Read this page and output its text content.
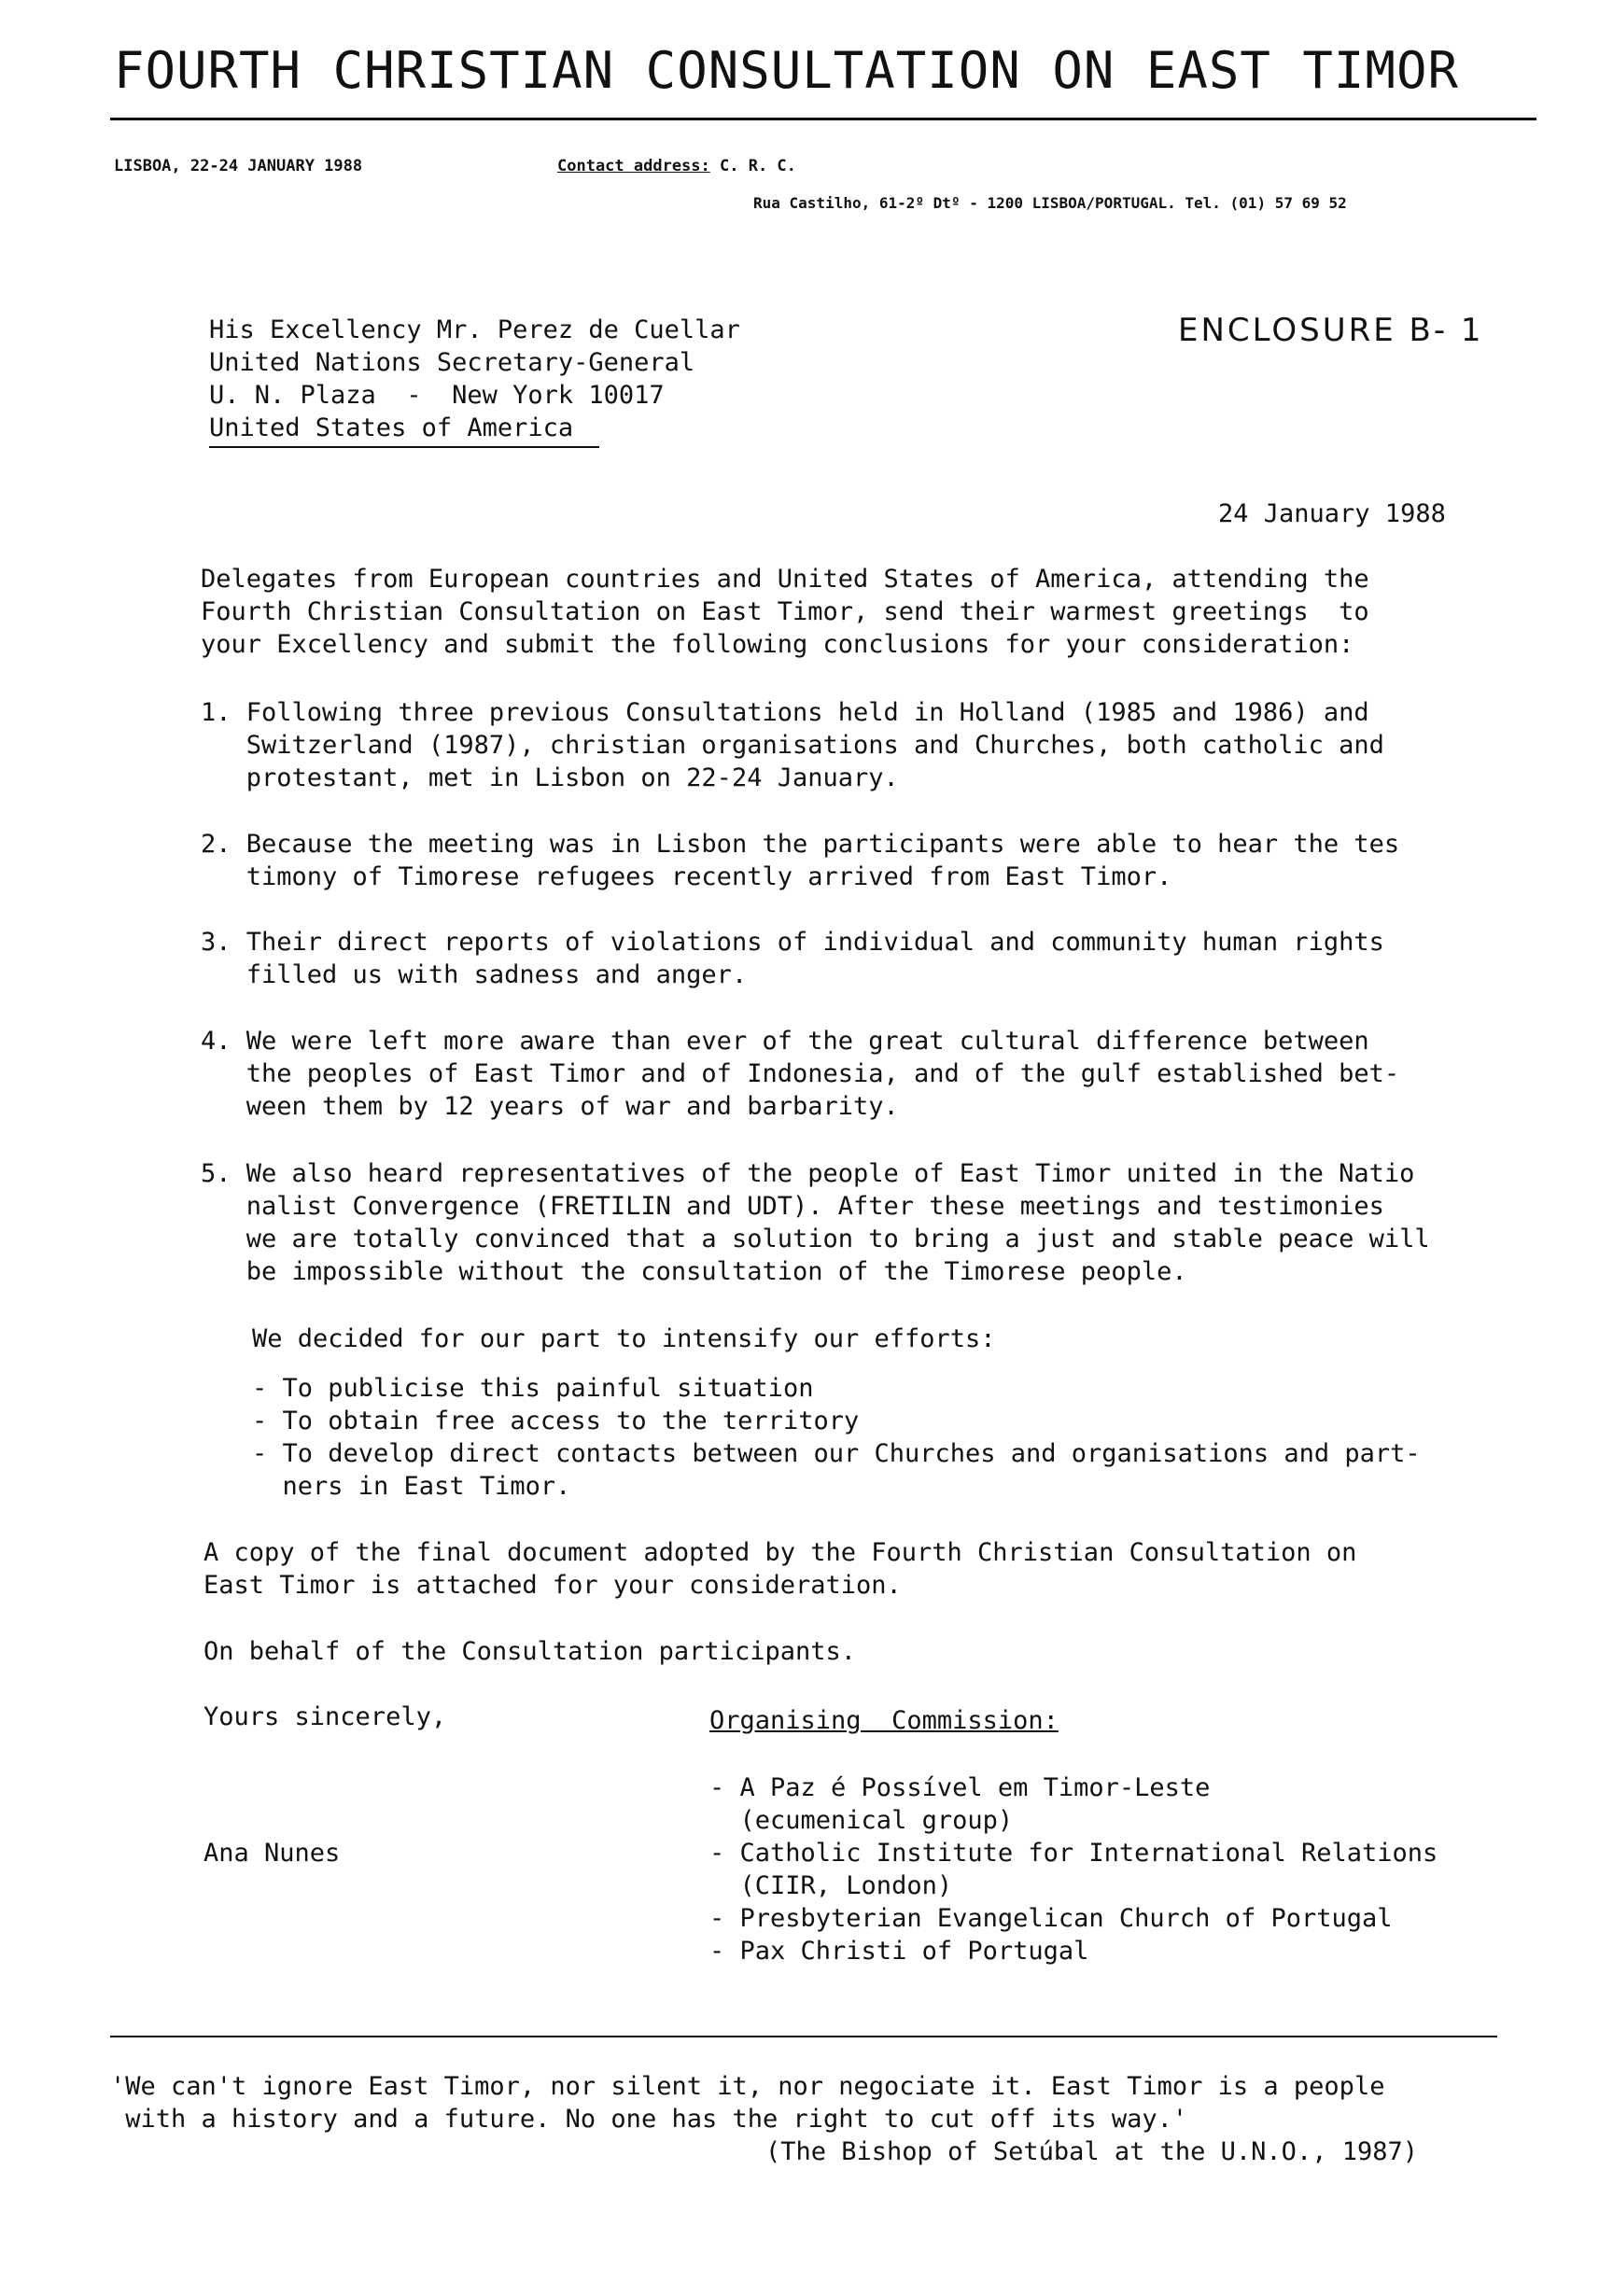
FOURTH CHRISTIAN CONSULTATION ON EAST TIMOR
LISBOA, 22-24 JANUARY 1988	Contact address: C. R. C.
Rua Castilho, 61-2º Dtº - 1200 LISBOA/PORTUGAL. Tel. (01) 57 69 52
His Excellency Mr. Perez de Cuellar
United Nations Secretary-General
U. N. Plaza  -  New York 10017
United States of America
ENCLOSURE B- 1
24 January 1988
Delegates from European countries and United States of America, attending the
Fourth Christian Consultation on East Timor, send their warmest greetings  to
your Excellency and submit the following conclusions for your consideration:
1. Following three previous Consultations held in Holland (1985 and 1986) and
Switzerland (1987), christian organisations and Churches, both catholic and
protestant, met in Lisbon on 22-24 January.
2. Because the meeting was in Lisbon the participants were able to hear the tes
timony of Timorese refugees recently arrived from East Timor.
3. Their direct reports of violations of individual and community human rights
filled us with sadness and anger.
4. We were left more aware than ever of the great cultural difference between
the peoples of East Timor and of Indonesia, and of the gulf established bet-
ween them by 12 years of war and barbarity.
5. We also heard representatives of the people of East Timor united in the Natio
nalist Convergence (FRETILIN and UDT). After these meetings and testimonies
we are totally convinced that a solution to bring a just and stable peace will
be impossible without the consultation of the Timorese people.
We decided for our part to intensify our efforts:
- To publicise this painful situation
- To obtain free access to the territory
- To develop direct contacts between our Churches and organisations and part-
ners in East Timor.
A copy of the final document adopted by the Fourth Christian Consultation on
East Timor is attached for your consideration.
On behalf of the Consultation participants.
Yours sincerely,	Organising  Commission:
- A Paz é Possível em Timor-Leste
(ecumenical group)
Ana Nunes	- Catholic Institute for International Relations
(CIIR, London)
- Presbyterian Evangelican Church of Portugal
- Pax Christi of Portugal
'We can't ignore East Timor, nor silent it, nor negociate it. East Timor is a people
with a history and a future. No one has the right to cut off its way.'
(The Bishop of Setúbal at the U.N.O., 1987)
